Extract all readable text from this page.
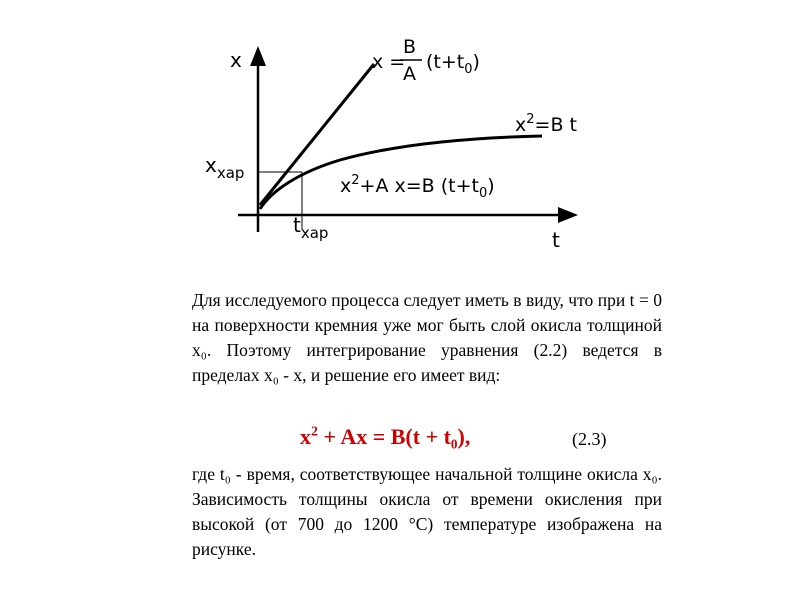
x
t
$x_{хар}$
$t_{хар}$
x =
B
A
$(t+t_0)$
$x^2=B$ t
$x^2+A$ x=B $(t+t_0)$

Для исследуемого процесса следует иметь в виду, что при t = 0 на поверхности кремния уже мог быть слой окисла толщиной x₀. Поэтому интегрирование уравнения (2.2) ведется в пределах x₀ - x, и решение его имеет вид:

$x^2 + Ax = B(t + t_0)$,	(2.3)

где t₀ - время, соответствующее начальной толщине окисла x₀. Зависимость толщины окисла от времени окисления при высокой (от 700 до 1200 °С) температуре изображена на рисунке.
